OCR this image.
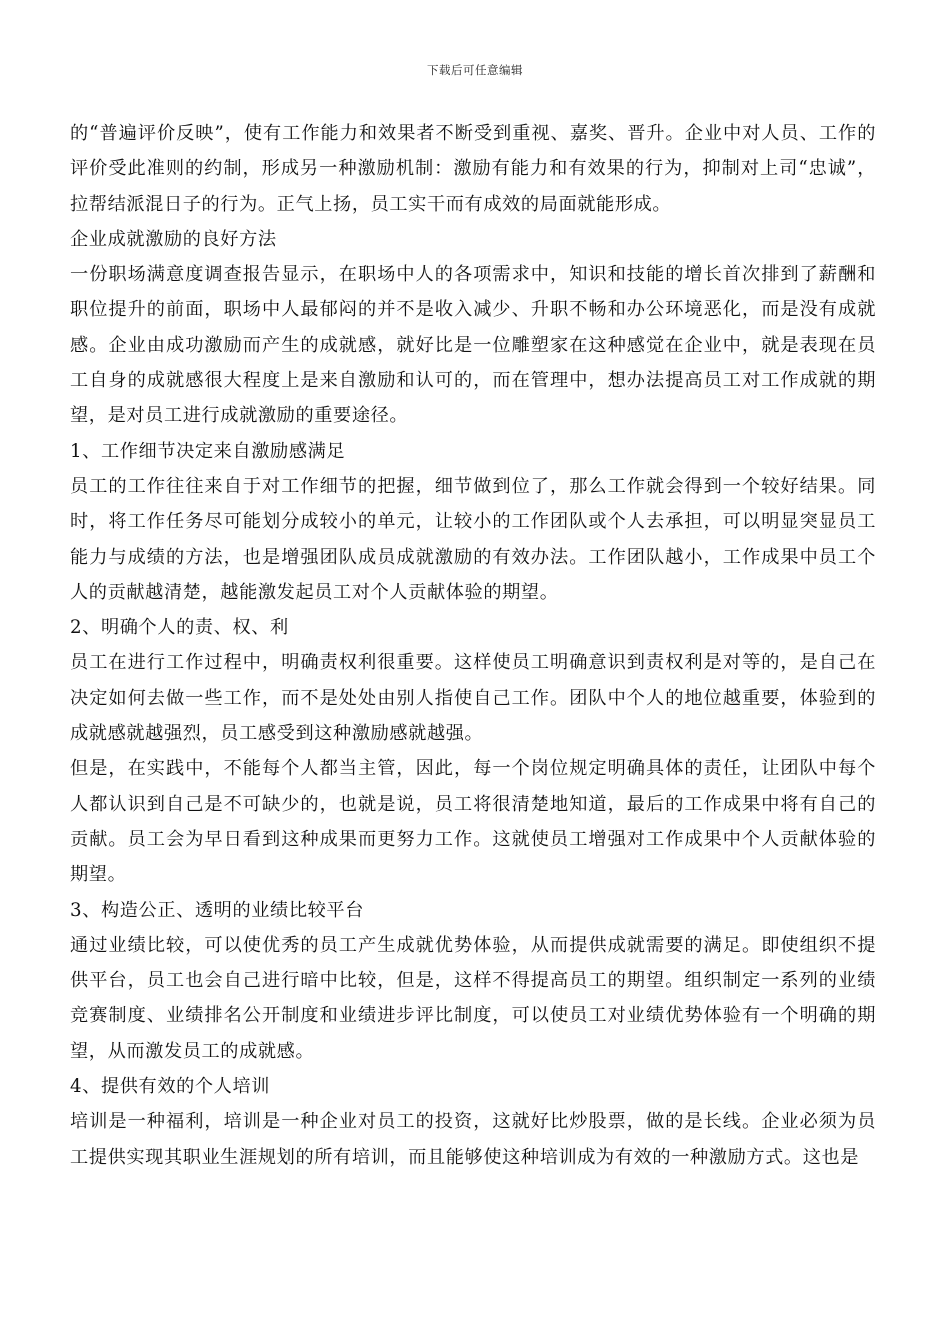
下载后可任意编辑

的“普遍评价反映”，使有工作能力和效果者不断受到重视、嘉奖、晋升。企业中对人员、工作的评价受此准则的约制，形成另一种激励机制：激励有能力和有效果的行为，抑制对上司“忠诚”，拉帮结派混日子的行为。正气上扬，员工实干而有成效的局面就能形成。

企业成就激励的良好方法

一份职场满意度调查报告显示，在职场中人的各项需求中，知识和技能的增长首次排到了薪酬和职位提升的前面，职场中人最郁闷的并不是收入减少、升职不畅和办公环境恶化，而是没有成就感。企业由成功激励而产生的成就感，就好比是一位雕塑家在这种感觉在企业中，就是表现在员工自身的成就感很大程度上是来自激励和认可的，而在管理中，想办法提高员工对工作成就的期望，是对员工进行成就激励的重要途径。

1、工作细节决定来自激励感满足

员工的工作往往来自于对工作细节的把握，细节做到位了，那么工作就会得到一个较好结果。同时，将工作任务尽可能划分成较小的单元，让较小的工作团队或个人去承担，可以明显突显员工能力与成绩的方法，也是增强团队成员成就激励的有效办法。工作团队越小，工作成果中员工个人的贡献越清楚，越能激发起员工对个人贡献体验的期望。

2、明确个人的责、权、利

员工在进行工作过程中，明确责权利很重要。这样使员工明确意识到责权利是对等的，是自己在决定如何去做一些工作，而不是处处由别人指使自己工作。团队中个人的地位越重要，体验到的成就感就越强烈，员工感受到这种激励感就越强。

但是，在实践中，不能每个人都当主管，因此，每一个岗位规定明确具体的责任，让团队中每个人都认识到自己是不可缺少的，也就是说，员工将很清楚地知道，最后的工作成果中将有自己的贡献。员工会为早日看到这种成果而更努力工作。这就使员工增强对工作成果中个人贡献体验的期望。

3、构造公正、透明的业绩比较平台

通过业绩比较，可以使优秀的员工产生成就优势体验，从而提供成就需要的满足。即使组织不提供平台，员工也会自己进行暗中比较，但是，这样不得提高员工的期望。组织制定一系列的业绩竞赛制度、业绩排名公开制度和业绩进步评比制度，可以使员工对业绩优势体验有一个明确的期望，从而激发员工的成就感。

4、提供有效的个人培训

培训是一种福利，培训是一种企业对员工的投资，这就好比炒股票，做的是长线。企业必须为员工提供实现其职业生涯规划的所有培训，而且能够使这种培训成为有效的一种激励方式。这也是
